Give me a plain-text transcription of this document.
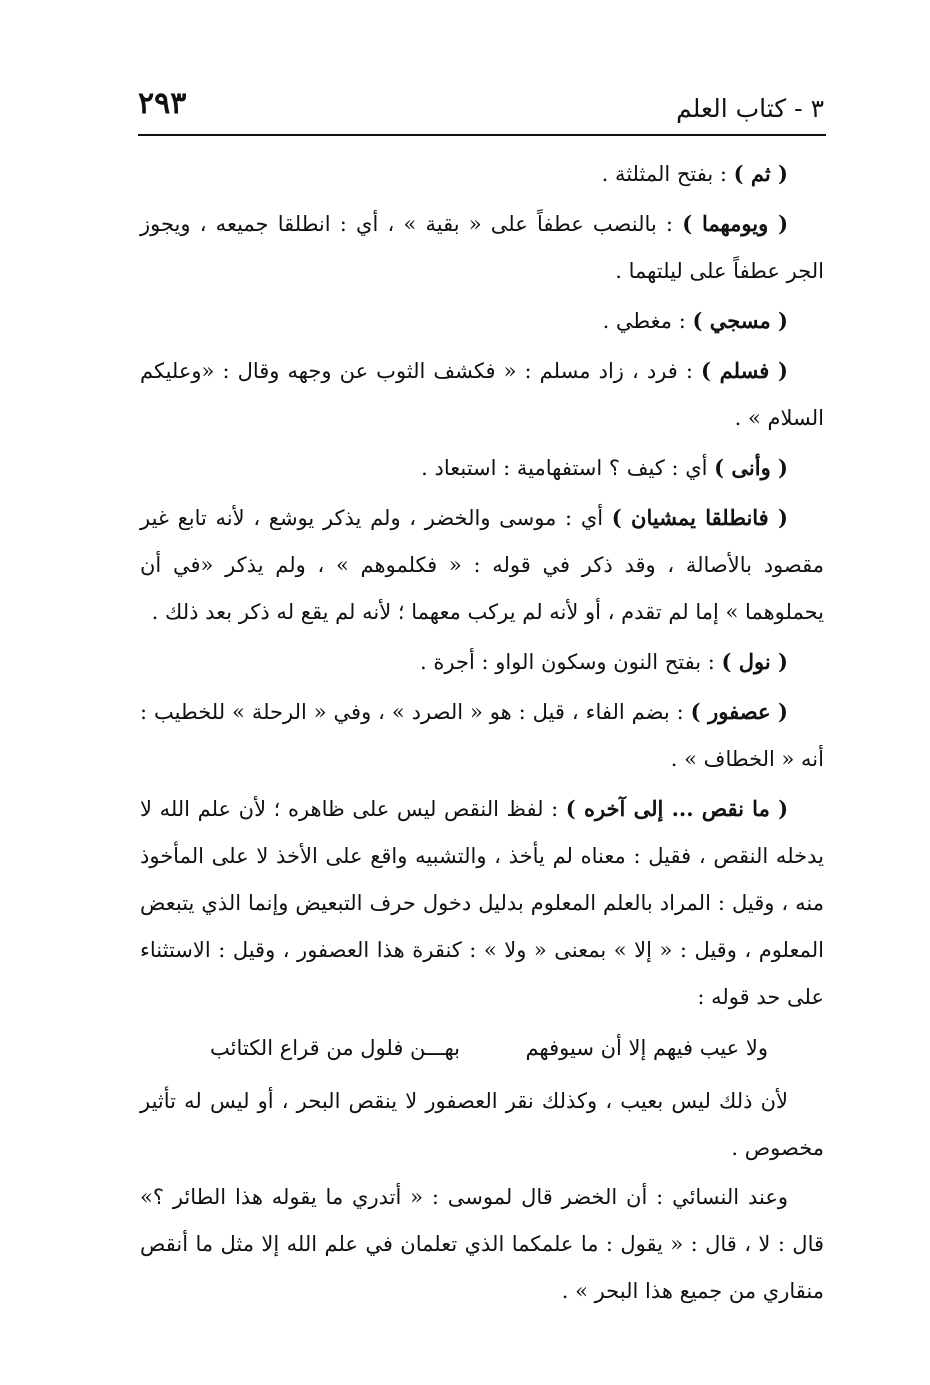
٣ - كتاب العلم
٢٩٣

( ثم ) : بفتح المثلثة .

( ويومهما ) : بالنصب عطفاً على « بقية » ، أي : انطلقا جميعه ، ويجوز الجر عطفاً على ليلتهما .

( مسجي ) : مغطي .

( فسلم ) : فرد ، زاد مسلم : « فكشف الثوب عن وجهه وقال : «وعليكم السلام » .

( وأنى ) أي : كيف ؟ استفهامية : استبعاد .

( فانطلقا يمشيان ) أي : موسى والخضر ، ولم يذكر يوشع ، لأنه تابع غير مقصود بالأصالة ، وقد ذكر في قوله : « فكلموهم » ، ولم يذكر «في أن يحملوهما » إما لم تقدم ، أو لأنه لم يركب معهما ؛ لأنه لم يقع له ذكر بعد ذلك .

( نول ) : بفتح النون وسكون الواو : أجرة .

( عصفور ) : بضم الفاء ، قيل : هو « الصرد » ، وفي « الرحلة » للخطيب : أنه « الخطاف » .

( ما نقص ... إلى آخره ) : لفظ النقص ليس على ظاهره ؛ لأن علم الله لا يدخله النقص ، فقيل : معناه لم يأخذ ، والتشبيه واقع على الأخذ لا على المأخوذ منه ، وقيل : المراد بالعلم المعلوم بدليل دخول حرف التبعيض وإنما الذي يتبعض المعلوم ، وقيل : « إلا » بمعنى « ولا » : كنقرة هذا العصفور ، وقيل : الاستثناء على حد قوله :

ولا عيب فيهم إلا أن سيوفهم
بهـــن فلول من قراع الكتائب

لأن ذلك ليس بعيب ، وكذلك نقر العصفور لا ينقص البحر ، أو ليس له تأثير مخصوص .

وعند النسائي : أن الخضر قال لموسى : « أتدري ما يقوله هذا الطائر ؟» قال : لا ، قال : « يقول : ما علمكما الذي تعلمان في علم الله إلا مثل ما أنقص منقاري من جميع هذا البحر » .
